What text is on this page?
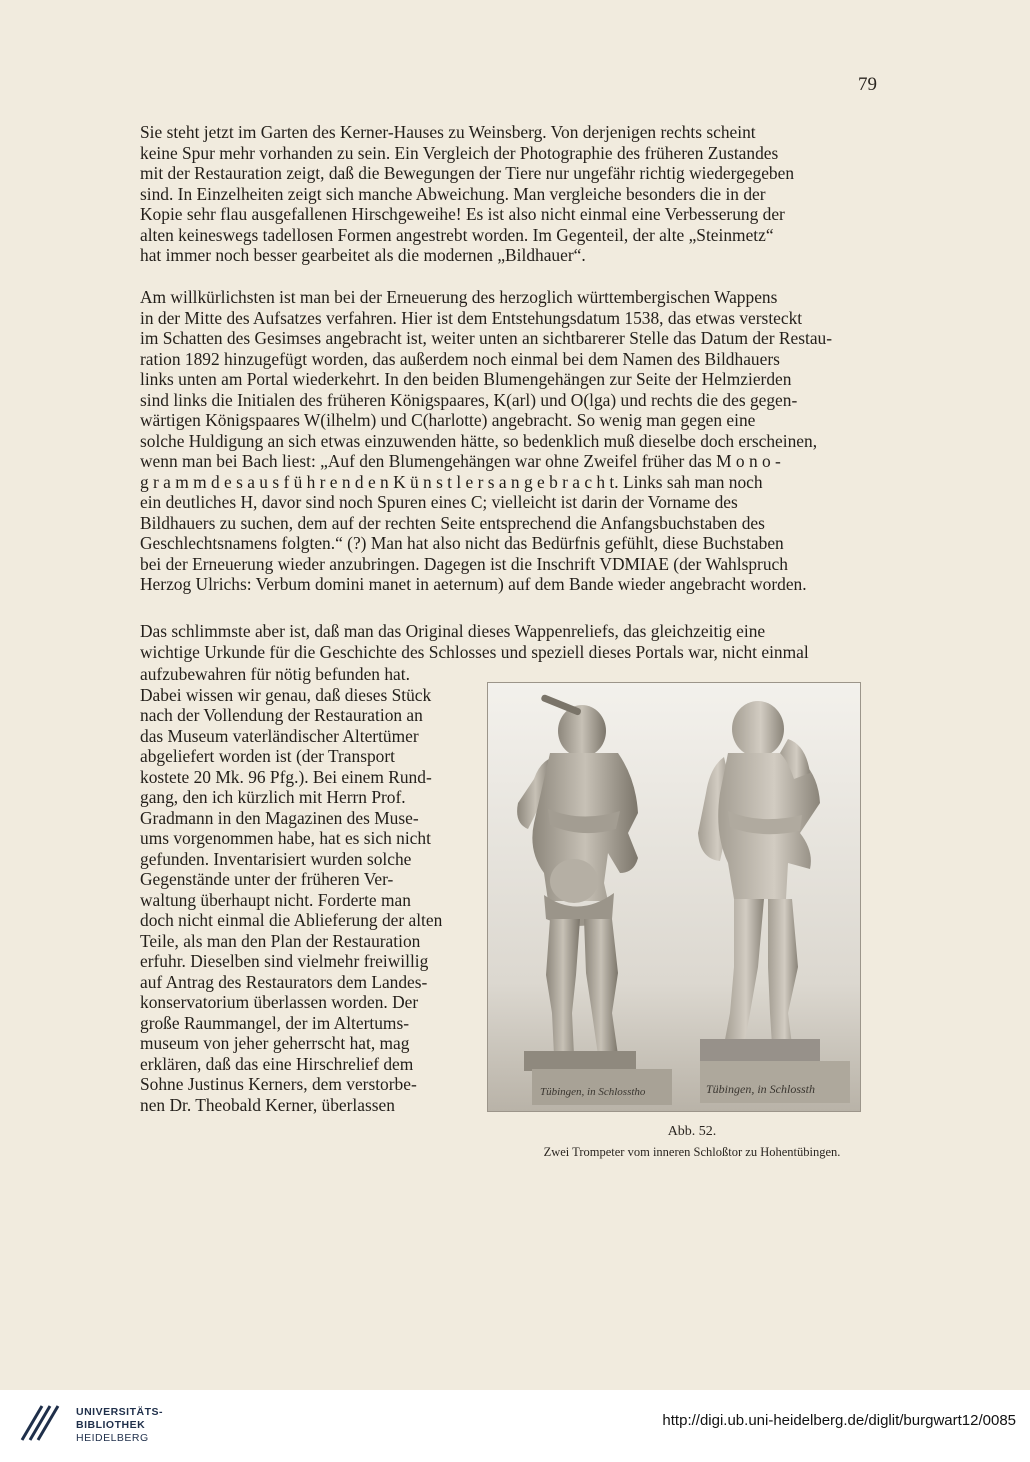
79

Sie steht jetzt im Garten des Kerner-Hauses zu Weinsberg. Von derjenigen rechts scheint
keine Spur mehr vorhanden zu sein. Ein Vergleich der Photographie des früheren Zustandes
mit der Restauration zeigt, daß die Bewegungen der Tiere nur ungefähr richtig wiedergegeben
sind. In Einzelheiten zeigt sich manche Abweichung. Man vergleiche besonders die in der
Kopie sehr flau ausgefallenen Hirschgeweihe! Es ist also nicht einmal eine Verbesserung der
alten keineswegs tadellosen Formen angestrebt worden. Im Gegenteil, der alte „Steinmetz“
hat immer noch besser gearbeitet als die modernen „Bildhauer“.

Am willkürlichsten ist man bei der Erneuerung des herzoglich württembergischen Wappens
in der Mitte des Aufsatzes verfahren. Hier ist dem Entstehungsdatum 1538, das etwas versteckt
im Schatten des Gesimses angebracht ist, weiter unten an sichtbarerer Stelle das Datum der Restau-
ration 1892 hinzugefügt worden, das außerdem noch einmal bei dem Namen des Bildhauers
links unten am Portal wiederkehrt. In den beiden Blumengehängen zur Seite der Helmzierden
sind links die Initialen des früheren Königspaares, K(arl) und O(lga) und rechts die des gegen-
wärtigen Königspaares W(ilhelm) und C(harlotte) angebracht. So wenig man gegen eine
solche Huldigung an sich etwas einzuwenden hätte, so bedenklich muß dieselbe doch erscheinen,
wenn man bei Bach liest: „Auf den Blumengehängen war ohne Zweifel früher das M o n o -
g r a m m d e s a u s f ü h r e n d e n K ü n s t l e r s a n g e b r a c h t. Links sah man noch
ein deutliches H, davor sind noch Spuren eines C; vielleicht ist darin der Vorname des
Bildhauers zu suchen, dem auf der rechten Seite entsprechend die Anfangsbuchstaben des
Geschlechtsnamens folgten.“ (?) Man hat also nicht das Bedürfnis gefühlt, diese Buchstaben
bei der Erneuerung wieder anzubringen. Dagegen ist die Inschrift VDMIAE (der Wahlspruch
Herzog Ulrichs: Verbum domini manet in aeternum) auf dem Bande wieder angebracht worden.

Das schlimmste aber ist, daß man das Original dieses Wappenreliefs, das gleichzeitig eine
wichtige Urkunde für die Geschichte des Schlosses und speziell dieses Portals war, nicht einmal

aufzubewahren für nötig befunden hat.
Dabei wissen wir genau, daß dieses Stück
nach der Vollendung der Restauration an
das Museum vaterländischer Altertümer
abgeliefert worden ist (der Transport
kostete 20 Mk. 96 Pfg.). Bei einem Rund-
gang, den ich kürzlich mit Herrn Prof.
Gradmann in den Magazinen des Muse-
ums vorgenommen habe, hat es sich nicht
gefunden. Inventarisiert wurden solche
Gegenstände unter der früheren Ver-
waltung überhaupt nicht. Forderte man
doch nicht einmal die Ablieferung der alten
Teile, als man den Plan der Restauration
erfuhr. Dieselben sind vielmehr freiwillig
auf Antrag des Restaurators dem Landes-
konservatorium überlassen worden. Der
große Raummangel, der im Altertums-
museum von jeher geherrscht hat, mag
erklären, daß das eine Hirschrelief dem
Sohne Justinus Kerners, dem verstorbe-
nen Dr. Theobald Kerner, überlassen

Tübingen, in Schlosstho	Tübingen, in Schlossth
Abb. 52.
Zwei Trompeter vom inneren Schloßtor zu Hohentübingen.
UNIVERSITÄTS-
BIBLIOTHEK
HEIDELBERG
http://digi.ub.uni-heidelberg.de/diglit/burgwart12/0085
